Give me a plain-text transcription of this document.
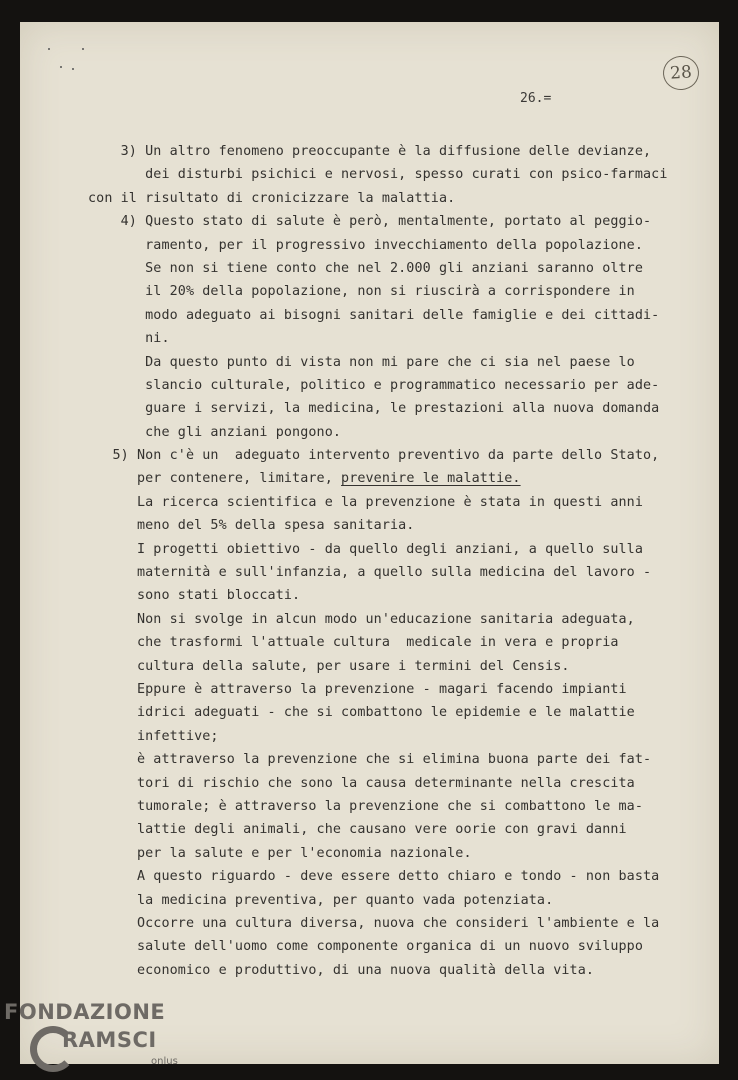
28
26.=
3) Un altro fenomeno preoccupante è la diffusione delle devianze,
dei disturbi psichici e nervosi, spesso curati con psico-farmaci
con il risultato di cronicizzare la malattia.
4) Questo stato di salute è però, mentalmente, portato al peggio-
ramento, per il progressivo invecchiamento della popolazione.
Se non si tiene conto che nel 2.000 gli anziani saranno oltre
il 20% della popolazione, non si riuscirà a corrispondere in
modo adeguato ai bisogni sanitari delle famiglie e dei cittadi-
ni.
Da questo punto di vista non mi pare che ci sia nel paese lo
slancio culturale, politico e programmatico necessario per ade-
guare i servizi, la medicina, le prestazioni alla nuova domanda
che gli anziani pongono.
5) Non c'è un  adeguato intervento preventivo da parte dello Stato,
per contenere, limitare, prevenire le malattie.
La ricerca scientifica e la prevenzione è stata in questi anni
meno del 5% della spesa sanitaria.
I progetti obiettivo - da quello degli anziani, a quello sulla
maternità e sull'infanzia, a quello sulla medicina del lavoro -
sono stati bloccati.
Non si svolge in alcun modo un'educazione sanitaria adeguata,
che trasformi l'attuale cultura  medicale in vera e propria
cultura della salute, per usare i termini del Censis.
Eppure è attraverso la prevenzione - magari facendo impianti
idrici adeguati - che si combattono le epidemie e le malattie
infettive;
è attraverso la prevenzione che si elimina buona parte dei fat-
tori di rischio che sono la causa determinante nella crescita
tumorale; è attraverso la prevenzione che si combattono le ma-
lattie degli animali, che causano vere oorie con gravi danni
per la salute e per l'economia nazionale.
A questo riguardo - deve essere detto chiaro e tondo - non basta
la medicina preventiva, per quanto vada potenziata.
Occorre una cultura diversa, nuova che consideri l'ambiente e la
salute dell'uomo come componente organica di un nuovo sviluppo
economico e produttivo, di una nuova qualità della vita.
FONDAZIONE
RAMSCI
onlus
